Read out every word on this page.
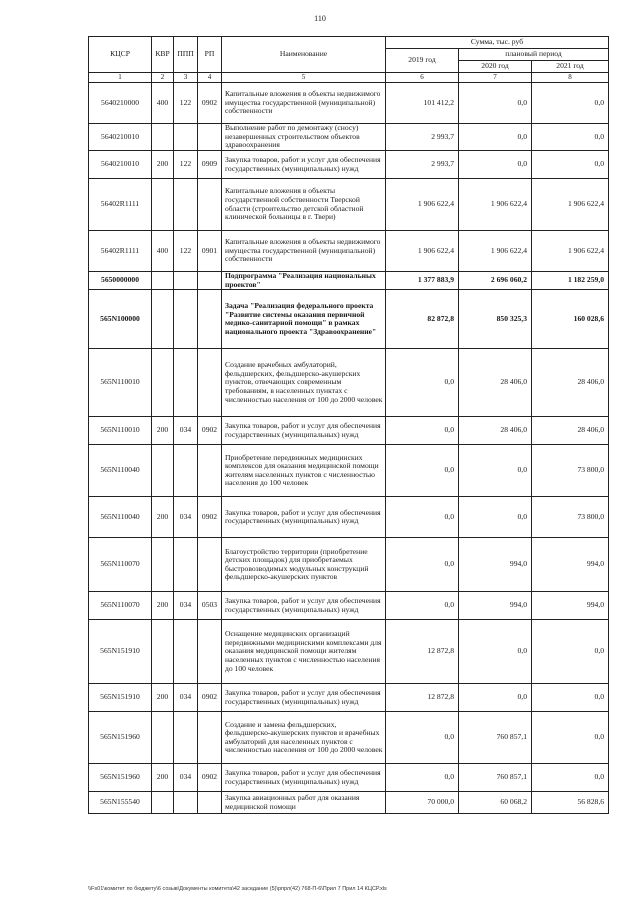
110
КЦСР	КВР	ППП	РП	Наименование	Сумма, тыс. руб		
					2019 год	плановый период	
						2020 год	2021 год
1	2	3	4	5	6	7	8
5640210000	400	122	0902	Капитальные вложения в объекты недвижимого имущества государственной (муниципальной) собственности	101 412,2	0,0	0,0
5640210010				Выполнение работ по демонтажу (сносу) незавершенных строительством объектов здравоохранения	2 993,7	0,0	0,0
5640210010	200	122	0909	Закупка товаров, работ и услуг для обеспечения государственных (муниципальных) нужд	2 993,7	0,0	0,0
56402R1111				Капитальные вложения в объекты государственной собственности Тверской области (строительство детской областной клинической больницы в г. Твери)	1 906 622,4	1 906 622,4	1 906 622,4
56402R1111	400	122	0901	Капитальные вложения в объекты недвижимого имущества государственной (муниципальной) собственности	1 906 622,4	1 906 622,4	1 906 622,4
5650000000				Подпрограмма "Реализация национальных проектов"	1 377 883,9	2 696 060,2	1 182 259,0
565N100000				Задача "Реализация федерального проекта "Развитие системы оказания первичной медико-санитарной помощи" в рамках национального проекта "Здравоохранение"	82 872,8	850 325,3	160 028,6
565N110010				Создание врачебных амбулаторий, фельдшерских, фельдшерско-акушерских пунктов, отвечающих современным требованиям, в населенных пунктах с численностью населения от 100 до 2000 человек	0,0	28 406,0	28 406,0
565N110010	200	034	0902	Закупка товаров, работ и услуг для обеспечения государственных (муниципальных) нужд	0,0	28 406,0	28 406,0
565N110040				Приобретение передвижных медицинских комплексов для оказания медицинской помощи жителям населенных пунктов с численностью населения до 100 человек	0,0	0,0	73 800,0
565N110040	200	034	0902	Закупка товаров, работ и услуг для обеспечения государственных (муниципальных) нужд	0,0	0,0	73 800,0
565N110070				Благоустройство территории (приобретение детских площадок) для приобретаемых быстровозводимых модульных конструкций фельдшерско-акушерских пунктов	0,0	994,0	994,0
565N110070	200	034	0503	Закупка товаров, работ и услуг для обеспечения государственных (муниципальных) нужд	0,0	994,0	994,0
565N151910				Оснащение медицинских организаций передвижными медицинскими комплексами для оказания медицинской помощи жителям населенных пунктов с численностью населения до 100 человек	12 872,8	0,0	0,0
565N151910	200	034	0902	Закупка товаров, работ и услуг для обеспечения государственных (муниципальных) нужд	12 872,8	0,0	0,0
565N151960				Создание и замена фельдшерских, фельдшерско-акушерских пунктов и врачебных амбулаторий для населенных пунктов с численностью населения от 100 до 2000 человек	0,0	760 857,1	0,0
565N151960	200	034	0902	Закупка товаров, работ и услуг для обеспечения государственных (муниципальных) нужд	0,0	760 857,1	0,0
565N155540				Закупка авиационных работ для оказания медицинской помощи	70 000,0	60 068,2	56 828,6
\\Fs01\комитет по бюджету\6 созыв\Документы комитета\42 заседание (5)\рпрл(42) 768-П-6\Прил 7 Прил 14 КЦСР.xls
